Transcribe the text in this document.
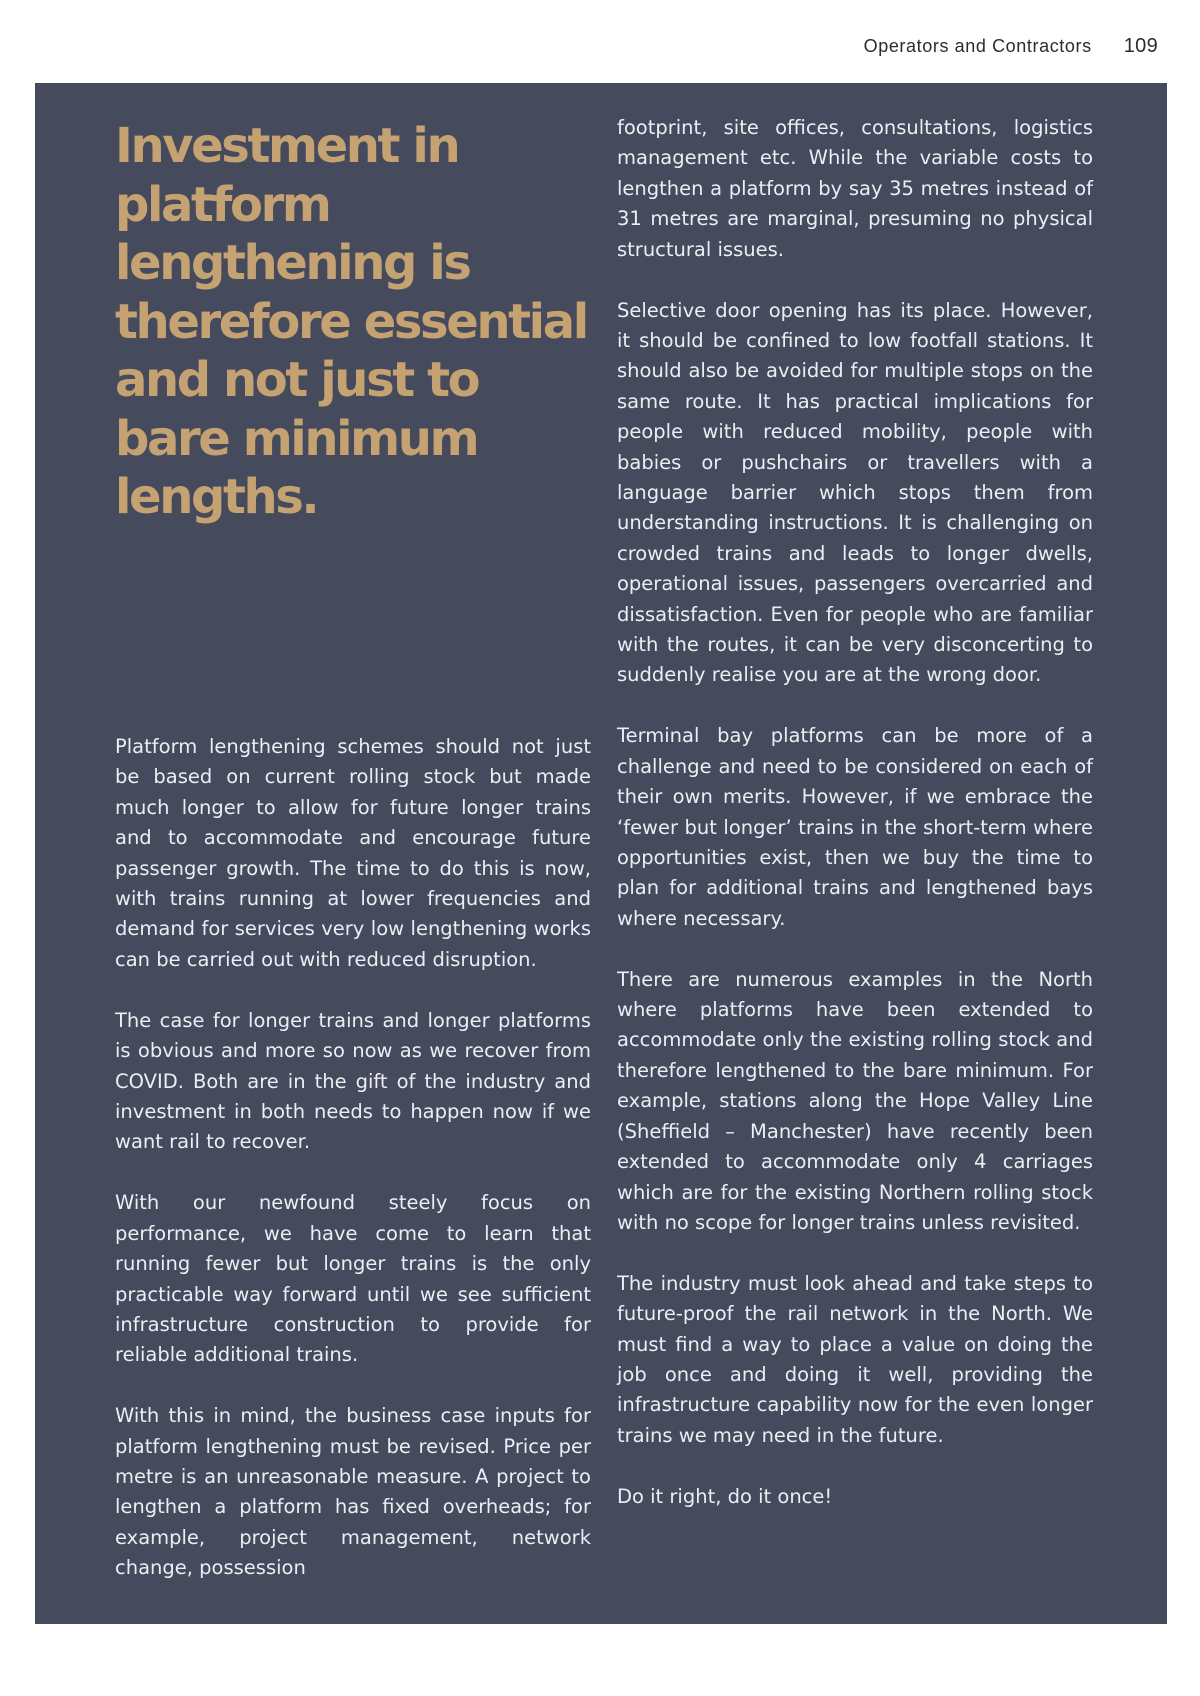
Operators and Contractors 109
Investment in platform lengthening is therefore essential and not just to bare minimum lengths.

Platform lengthening schemes should not just be based on current rolling stock but made much longer to allow for future longer trains and to accommodate and encourage future passenger growth. The time to do this is now, with trains running at lower frequencies and demand for services very low lengthening works can be carried out with reduced disruption.

The case for longer trains and longer platforms is obvious and more so now as we recover from COVID. Both are in the gift of the industry and investment in both needs to happen now if we want rail to recover.

With our newfound steely focus on performance, we have come to learn that running fewer but longer trains is the only practicable way forward until we see sufficient infrastructure construction to provide for reliable additional trains.

With this in mind, the business case inputs for platform lengthening must be revised. Price per metre is an unreasonable measure. A project to lengthen a platform has fixed overheads; for example, project management, network change, possession

footprint, site offices, consultations, logistics management etc. While the variable costs to lengthen a platform by say 35 metres instead of 31 metres are marginal, presuming no physical structural issues.

Selective door opening has its place. However, it should be confined to low footfall stations. It should also be avoided for multiple stops on the same route. It has practical implications for people with reduced mobility, people with babies or pushchairs or travellers with a language barrier which stops them from understanding instructions. It is challenging on crowded trains and leads to longer dwells, operational issues, passengers overcarried and dissatisfaction. Even for people who are familiar with the routes, it can be very disconcerting to suddenly realise you are at the wrong door.

Terminal bay platforms can be more of a challenge and need to be considered on each of their own merits. However, if we embrace the ‘fewer but longer’ trains in the short-term where opportunities exist, then we buy the time to plan for additional trains and lengthened bays where necessary.

There are numerous examples in the North where platforms have been extended to accommodate only the existing rolling stock and therefore lengthened to the bare minimum. For example, stations along the Hope Valley Line (Sheffield – Manchester) have recently been extended to accommodate only 4 carriages which are for the existing Northern rolling stock with no scope for longer trains unless revisited.

The industry must look ahead and take steps to future-proof the rail network in the North. We must find a way to place a value on doing the job once and doing it well, providing the infrastructure capability now for the even longer trains we may need in the future.

Do it right, do it once!
